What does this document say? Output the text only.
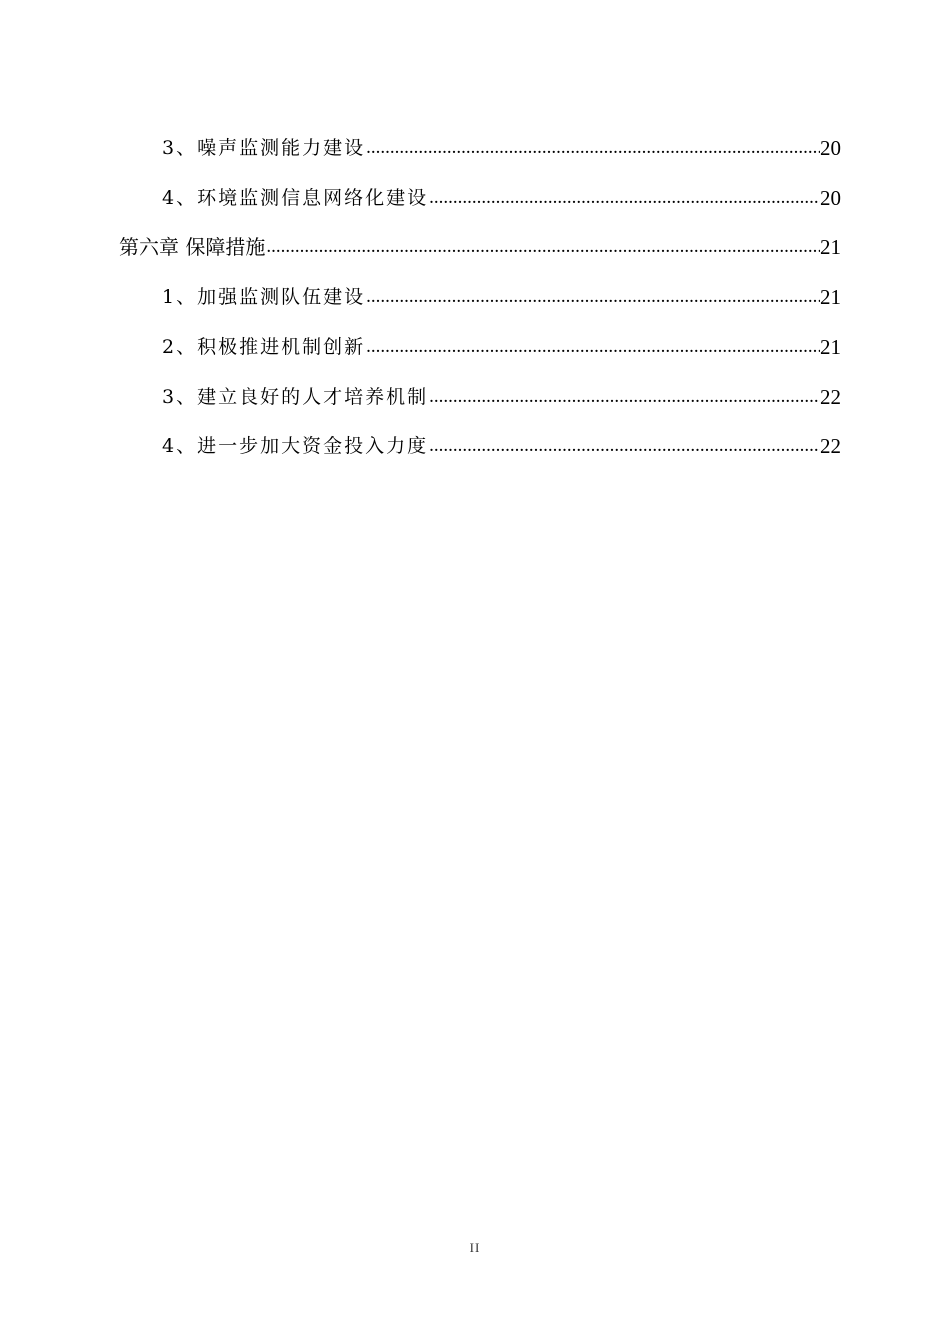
3、噪声监测能力建设 .....	20
4、环境监测信息网络化建设 .....	20
第六章 保障措施 .....	21
1、加强监测队伍建设 .....	21
2、积极推进机制创新 .....	21
3、建立良好的人才培养机制 .....	22
4、进一步加大资金投入力度 .....	22
II
